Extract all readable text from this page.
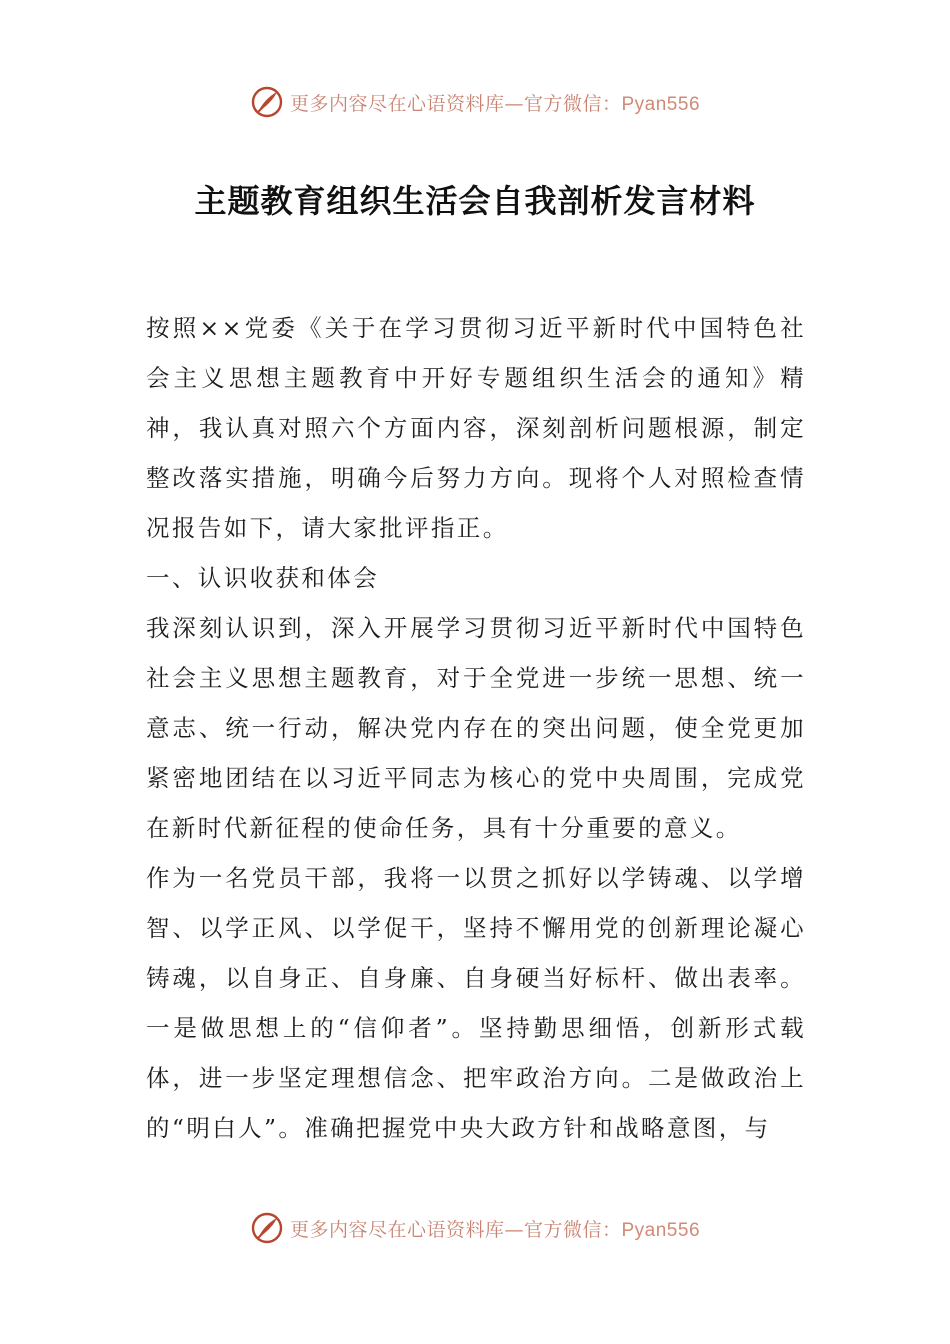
更多内容尽在心语资料库—官方微信：Pyan556
主题教育组织生活会自我剖析发言材料

按照××党委《关于在学习贯彻习近平新时代中国特色社会主义思想主题教育中开好专题组织生活会的通知》精神，我认真对照六个方面内容，深刻剖析问题根源，制定整改落实措施，明确今后努力方向。现将个人对照检查情况报告如下，请大家批评指正。

一、认识收获和体会

我深刻认识到，深入开展学习贯彻习近平新时代中国特色社会主义思想主题教育，对于全党进一步统一思想、统一意志、统一行动，解决党内存在的突出问题，使全党更加紧密地团结在以习近平同志为核心的党中央周围，完成党在新时代新征程的使命任务，具有十分重要的意义。

作为一名党员干部，我将一以贯之抓好以学铸魂、以学增智、以学正风、以学促干，坚持不懈用党的创新理论凝心铸魂，以自身正、自身廉、自身硬当好标杆、做出表率。一是做思想上的“信仰者”。坚持勤思细悟，创新形式载体，进一步坚定理想信念、把牢政治方向。二是做政治上的“明白人”。准确把握党中央大政方针和战略意图，与

更多内容尽在心语资料库—官方微信：Pyan556
